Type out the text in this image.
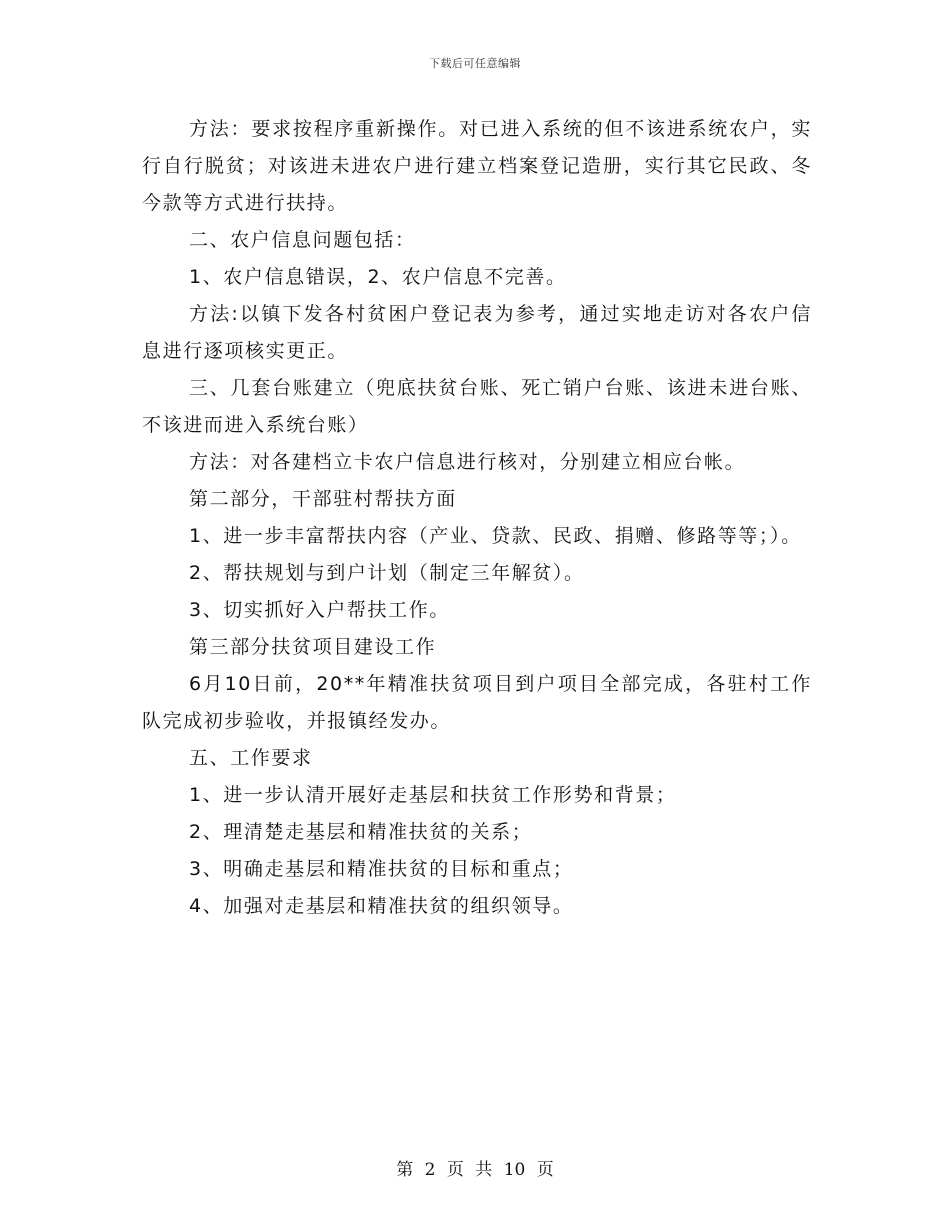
下载后可任意编辑

方法：要求按程序重新操作。对已进入系统的但不该进系统农户，实行自行脱贫；对该进未进农户进行建立档案登记造册，实行其它民政、冬今款等方式进行扶持。

二、农户信息问题包括：

1、农户信息错误，2、农户信息不完善。

方法:以镇下发各村贫困户登记表为参考，通过实地走访对各农户信息进行逐项核实更正。

三、几套台账建立（兜底扶贫台账、死亡销户台账、该进未进台账、不该进而进入系统台账）

方法：对各建档立卡农户信息进行核对，分别建立相应台帐。

第二部分，干部驻村帮扶方面

1、进一步丰富帮扶内容（产业、贷款、民政、捐赠、修路等等；）。

2、帮扶规划与到户计划（制定三年解贫）。

3、切实抓好入户帮扶工作。

第三部分扶贫项目建设工作

6月10日前，20**年精准扶贫项目到户项目全部完成，各驻村工作队完成初步验收，并报镇经发办。

五、工作要求

1、进一步认清开展好走基层和扶贫工作形势和背景；

2、理清楚走基层和精准扶贫的关系；

3、明确走基层和精准扶贫的目标和重点；

4、加强对走基层和精准扶贫的组织领导。

第 2 页 共 10 页
